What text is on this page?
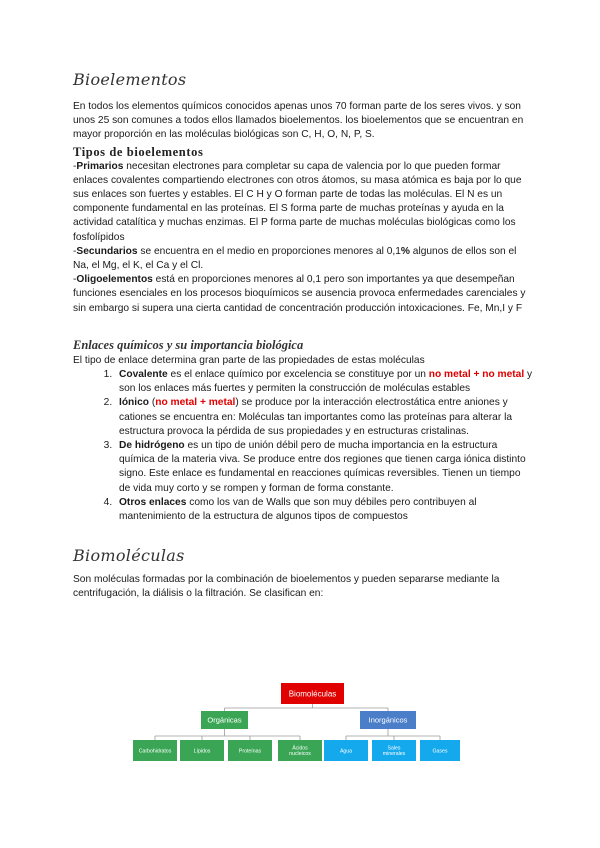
Bioelementos

En todos los elementos químicos conocidos apenas unos 70 forman parte de los seres vivos. y son unos 25 son comunes a todos ellos llamados bioelementos. los bioelementos que se encuentran en mayor proporción en las moléculas biológicas son C, H, O, N, P, S.

Tipos de bioelementos

-Primarios necesitan electrones para completar su capa de valencia por lo que pueden formar enlaces covalentes compartiendo electrones con otros átomos, su masa atómica es baja por lo que sus enlaces son fuertes y estables. El C H y O forman parte de todas las moléculas. El N es un componente fundamental en las proteínas. El S forma parte de muchas proteínas y ayuda en la actividad catalítica y muchas enzimas. El P forma parte de muchas moléculas biológicas como los fosfolípidos

-Secundarios se encuentra en el medio en proporciones menores al 0,1% algunos de ellos son el Na, el Mg, el K, el Ca y el Cl.

-Oligoelementos está en proporciones menores al 0,1 pero son importantes ya que desempeñan funciones esenciales en los procesos bioquímicos se ausencia provoca enfermedades carenciales y sin embargo si supera una cierta cantidad de concentración producción intoxicaciones. Fe, Mn,I y F

Enlaces químicos y su importancia biológica

El tipo de enlace determina gran parte de las propiedades de estas moléculas

1. Covalente es el enlace químico por excelencia se constituye por un no metal + no metal y son los enlaces más fuertes y permiten la construcción de moléculas estables
2. Iónico (no metal + metal) se produce por la interacción electrostática entre aniones y cationes se encuentra en: Moléculas tan importantes como las proteínas para alterar la estructura provoca la pérdida de sus propiedades y en estructuras cristalinas.
3. De hidrógeno es un tipo de unión débil pero de mucha importancia en la estructura química de la materia viva. Se produce entre dos regiones que tienen carga iónica distinto signo. Este enlace es fundamental en reacciones químicas reversibles. Tienen un tiempo de vida muy corto y se rompen y forman de forma constante.
4. Otros enlaces como los van de Walls que son muy débiles pero contribuyen al mantenimiento de la estructura de algunos tipos de compuestos
Biomoléculas

Son moléculas formadas por la combinación de bioelementos y pueden separarse mediante la centrifugación, la diálisis o la filtración. Se clasifican en:

Biomoléculas
Orgánicas	Inorgánicos
Carbohidratos	Lípidos	Proteínas	Ácidos
nucleicos	Agua	Sales
minerales	Gases
